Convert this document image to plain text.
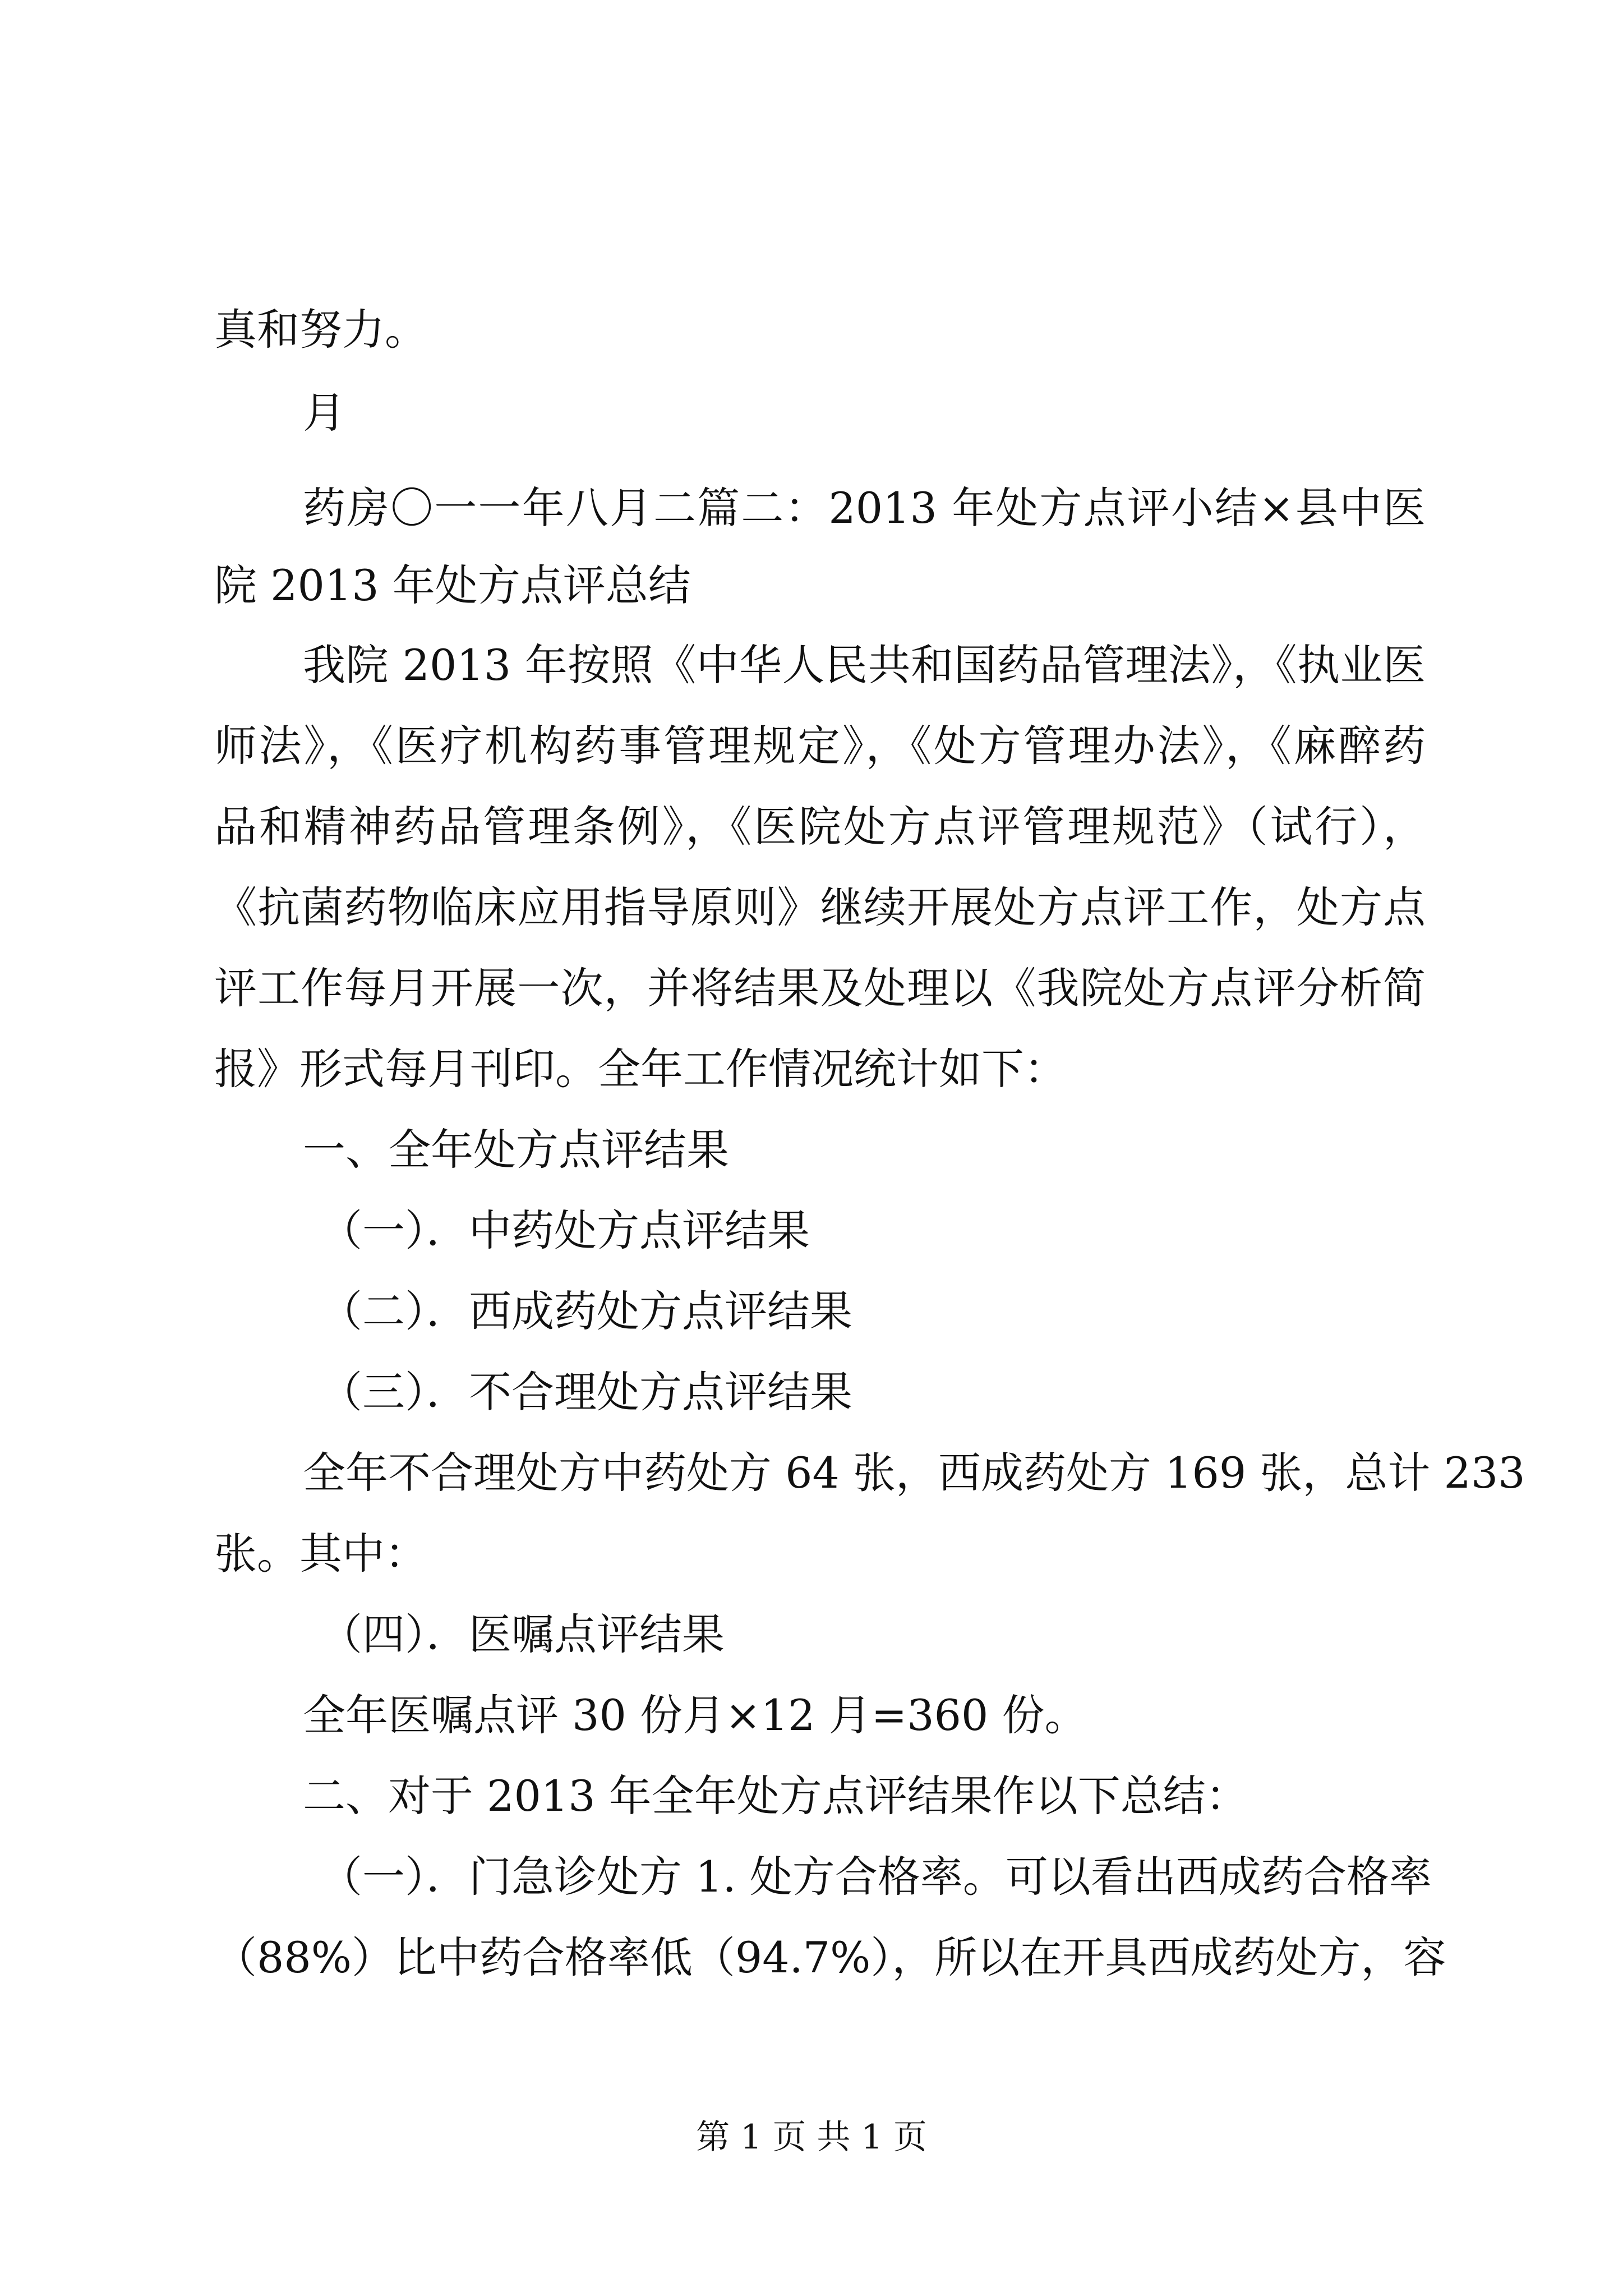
真和努力。
月
药房〇一一年八月二篇二：2013 年处方点评小结×县中医
院 2013 年处方点评总结
我院 2013 年按照《中华人民共和国药品管理法》，《执业医
师法》，《医疗机构药事管理规定》，《处方管理办法》，《麻醉药
品和精神药品管理条例》，《医院处方点评管理规范》（试行），
《抗菌药物临床应用指导原则》继续开展处方点评工作，处方点
评工作每月开展一次，并将结果及处理以《我院处方点评分析简
报》形式每月刊印。全年工作情况统计如下：
一、全年处方点评结果
（一）．中药处方点评结果
（二）．西成药处方点评结果
（三）．不合理处方点评结果
全年不合理处方中药处方 64 张，西成药处方 169 张，总计 233
张。其中：
（四）．医嘱点评结果
全年医嘱点评 30 份月×12 月=360 份。
二、对于 2013 年全年处方点评结果作以下总结：
（一）．门急诊处方 1. 处方合格率。可以看出西成药合格率
（88%）比中药合格率低（94.7%），所以在开具西成药处方，容
第 1 页 共 1 页
